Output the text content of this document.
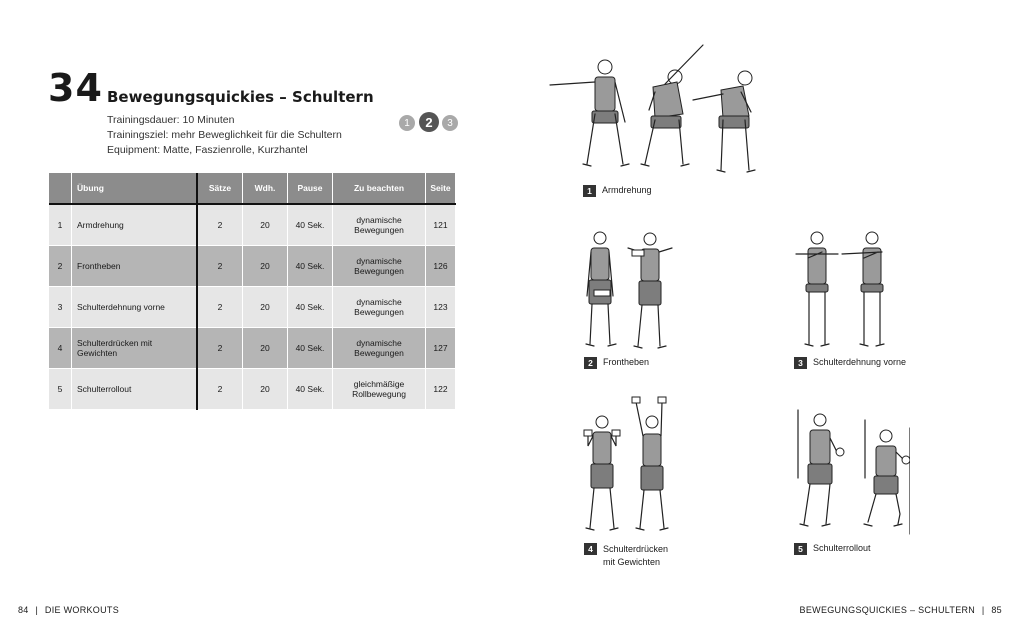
34 Bewegungsquickies – Schultern
Trainingsdauer: 10 Minuten
Trainingsziel: mehr Beweglichkeit für die Schultern
Equipment: Matte, Faszienrolle, Kurzhantel
1	2	3
	Übung	Sätze	Wdh.	Pause	Zu beachten	Seite
1	Armdrehung	2	20	40 Sek.	dynamische Bewegungen	121
2	Frontheben	2	20	40 Sek.	dynamische Bewegungen	126
3	Schulterdehnung vorne	2	20	40 Sek.	dynamische Bewegungen	123
4	Schulterdrücken mit Gewichten	2	20	40 Sek.	dynamische Bewegungen	127
5	Schulterrollout	2	20	40 Sek.	gleichmäßige Rollbewegung	122
1	Armdrehung
2	Frontheben	3	Schulterdehnung vorne
4	Schulterdrücken mit Gewichten
5	Schulterrollout
84 | DIE WORKOUTS	BEWEGUNGSQUICKIES – SCHULTERN | 85
